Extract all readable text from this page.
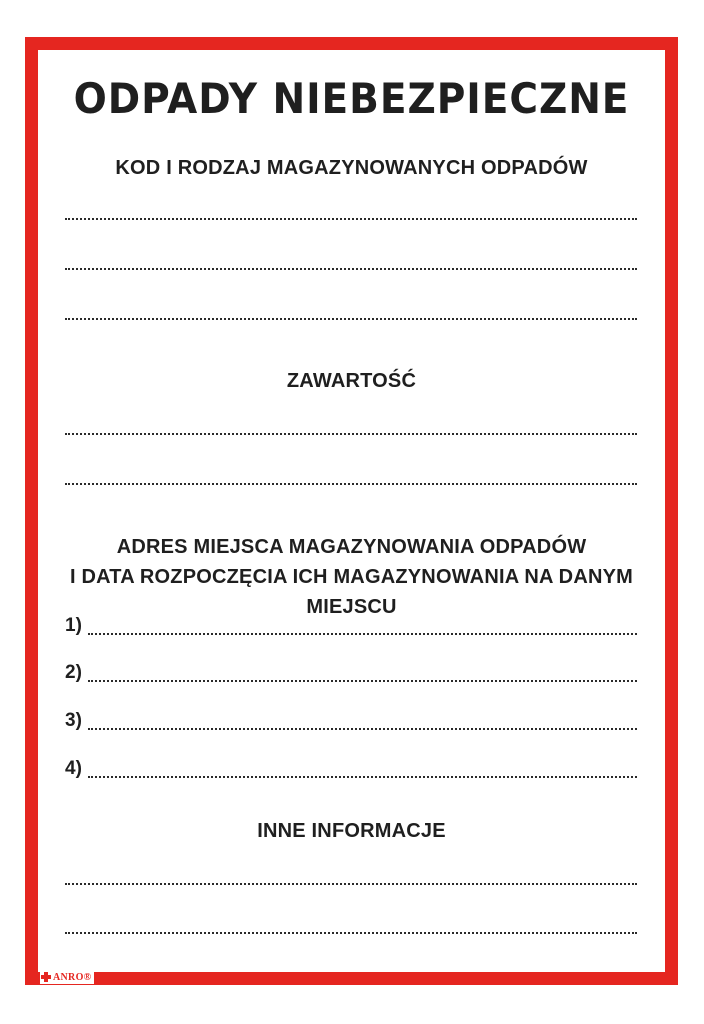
ODPADY NIEBEZPIECZNE
KOD I RODZAJ MAGAZYNOWANYCH ODPADÓW
ZAWARTOŚĆ
ADRES MIEJSCA MAGAZYNOWANIA ODPADÓW
I DATA ROZPOCZĘCIA ICH MAGAZYNOWANIA NA DANYM MIEJSCU
1)
2)
3)
4)
INNE INFORMACJE
ANRO®
